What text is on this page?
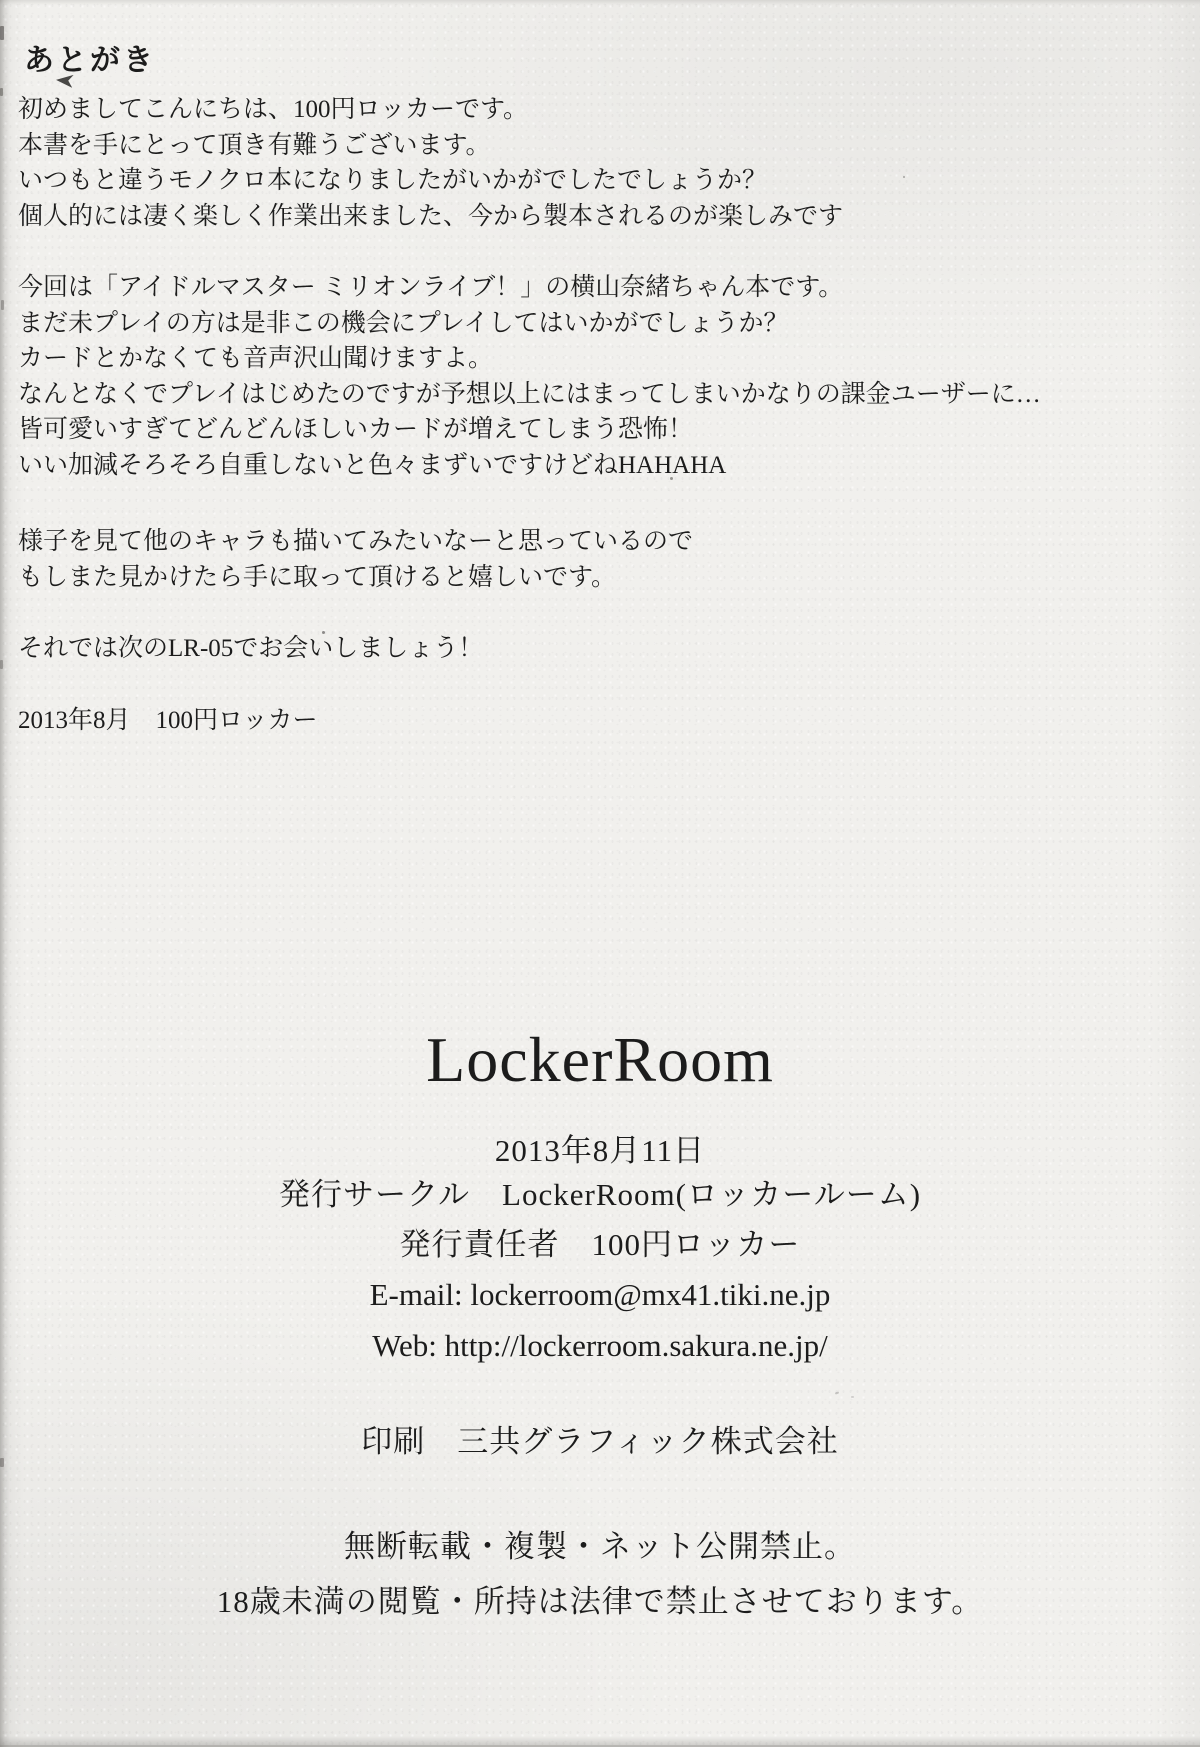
あとがき
初めましてこんにちは、100円ロッカーです。
本書を手にとって頂き有難うございます。
いつもと違うモノクロ本になりましたがいかがでしたでしょうか？
個人的には凄く楽しく作業出来ました、今から製本されるのが楽しみです
今回は「アイドルマスター ミリオンライブ！」の横山奈緒ちゃん本です。
まだ未プレイの方は是非この機会にプレイしてはいかがでしょうか？
カードとかなくても音声沢山聞けますよ。
なんとなくでプレイはじめたのですが予想以上にはまってしまいかなりの課金ユーザーに…
皆可愛いすぎてどんどんほしいカードが増えてしまう恐怖！
いい加減そろそろ自重しないと色々まずいですけどねHAHAHA
様子を見て他のキャラも描いてみたいなーと思っているので
もしまた見かけたら手に取って頂けると嬉しいです。
それでは次のLR-05でお会いしましょう！
2013年8月　100円ロッカー
LockerRoom
2013年8月11日
発行サークル　LockerRoom(ロッカールーム)
発行責任者　100円ロッカー
E-mail: lockerroom@mx41.tiki.ne.jp
Web: http://lockerroom.sakura.ne.jp/
印刷　三共グラフィック株式会社
無断転載・複製・ネット公開禁止。
18歳未満の閲覧・所持は法律で禁止させております。
